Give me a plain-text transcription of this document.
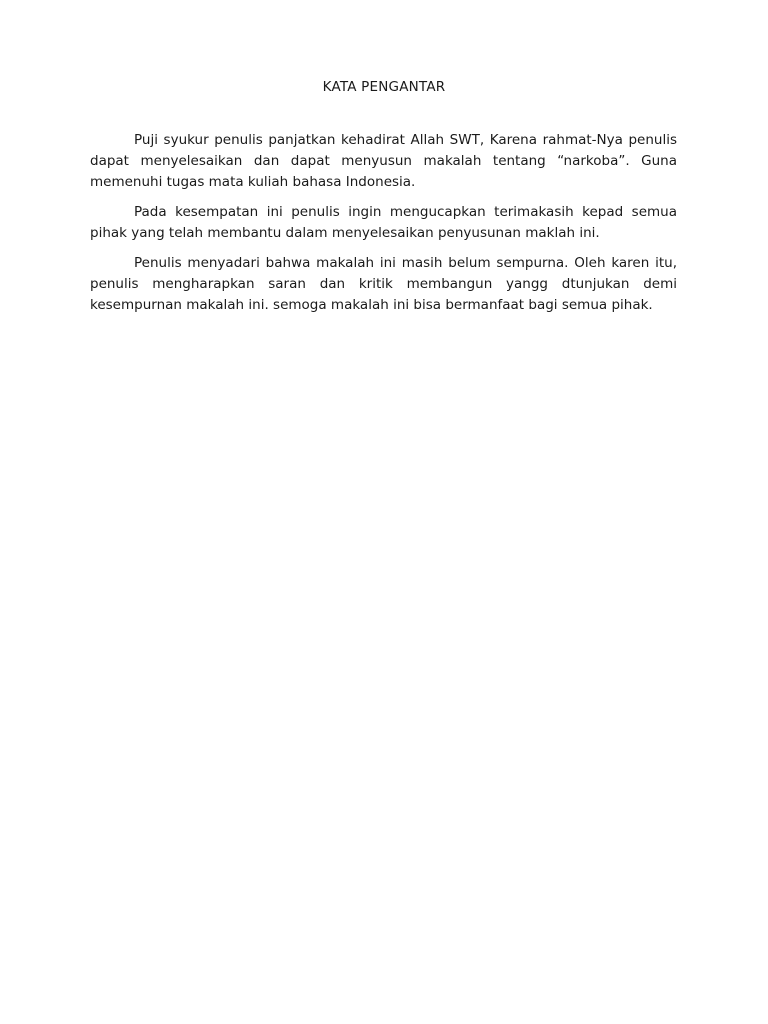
KATA PENGANTAR

Puji syukur penulis panjatkan kehadirat Allah SWT, Karena rahmat-Nya penulis dapat menyelesaikan dan dapat menyusun makalah tentang “narkoba”. Guna memenuhi tugas mata kuliah bahasa Indonesia.

Pada kesempatan ini penulis ingin mengucapkan terimakasih kepad semua pihak yang telah membantu dalam menyelesaikan penyusunan maklah ini.

Penulis menyadari bahwa makalah ini masih belum sempurna. Oleh karen itu, penulis mengharapkan saran dan kritik membangun yangg dtunjukan demi kesempurnan makalah ini. semoga makalah ini bisa bermanfaat bagi semua pihak.
